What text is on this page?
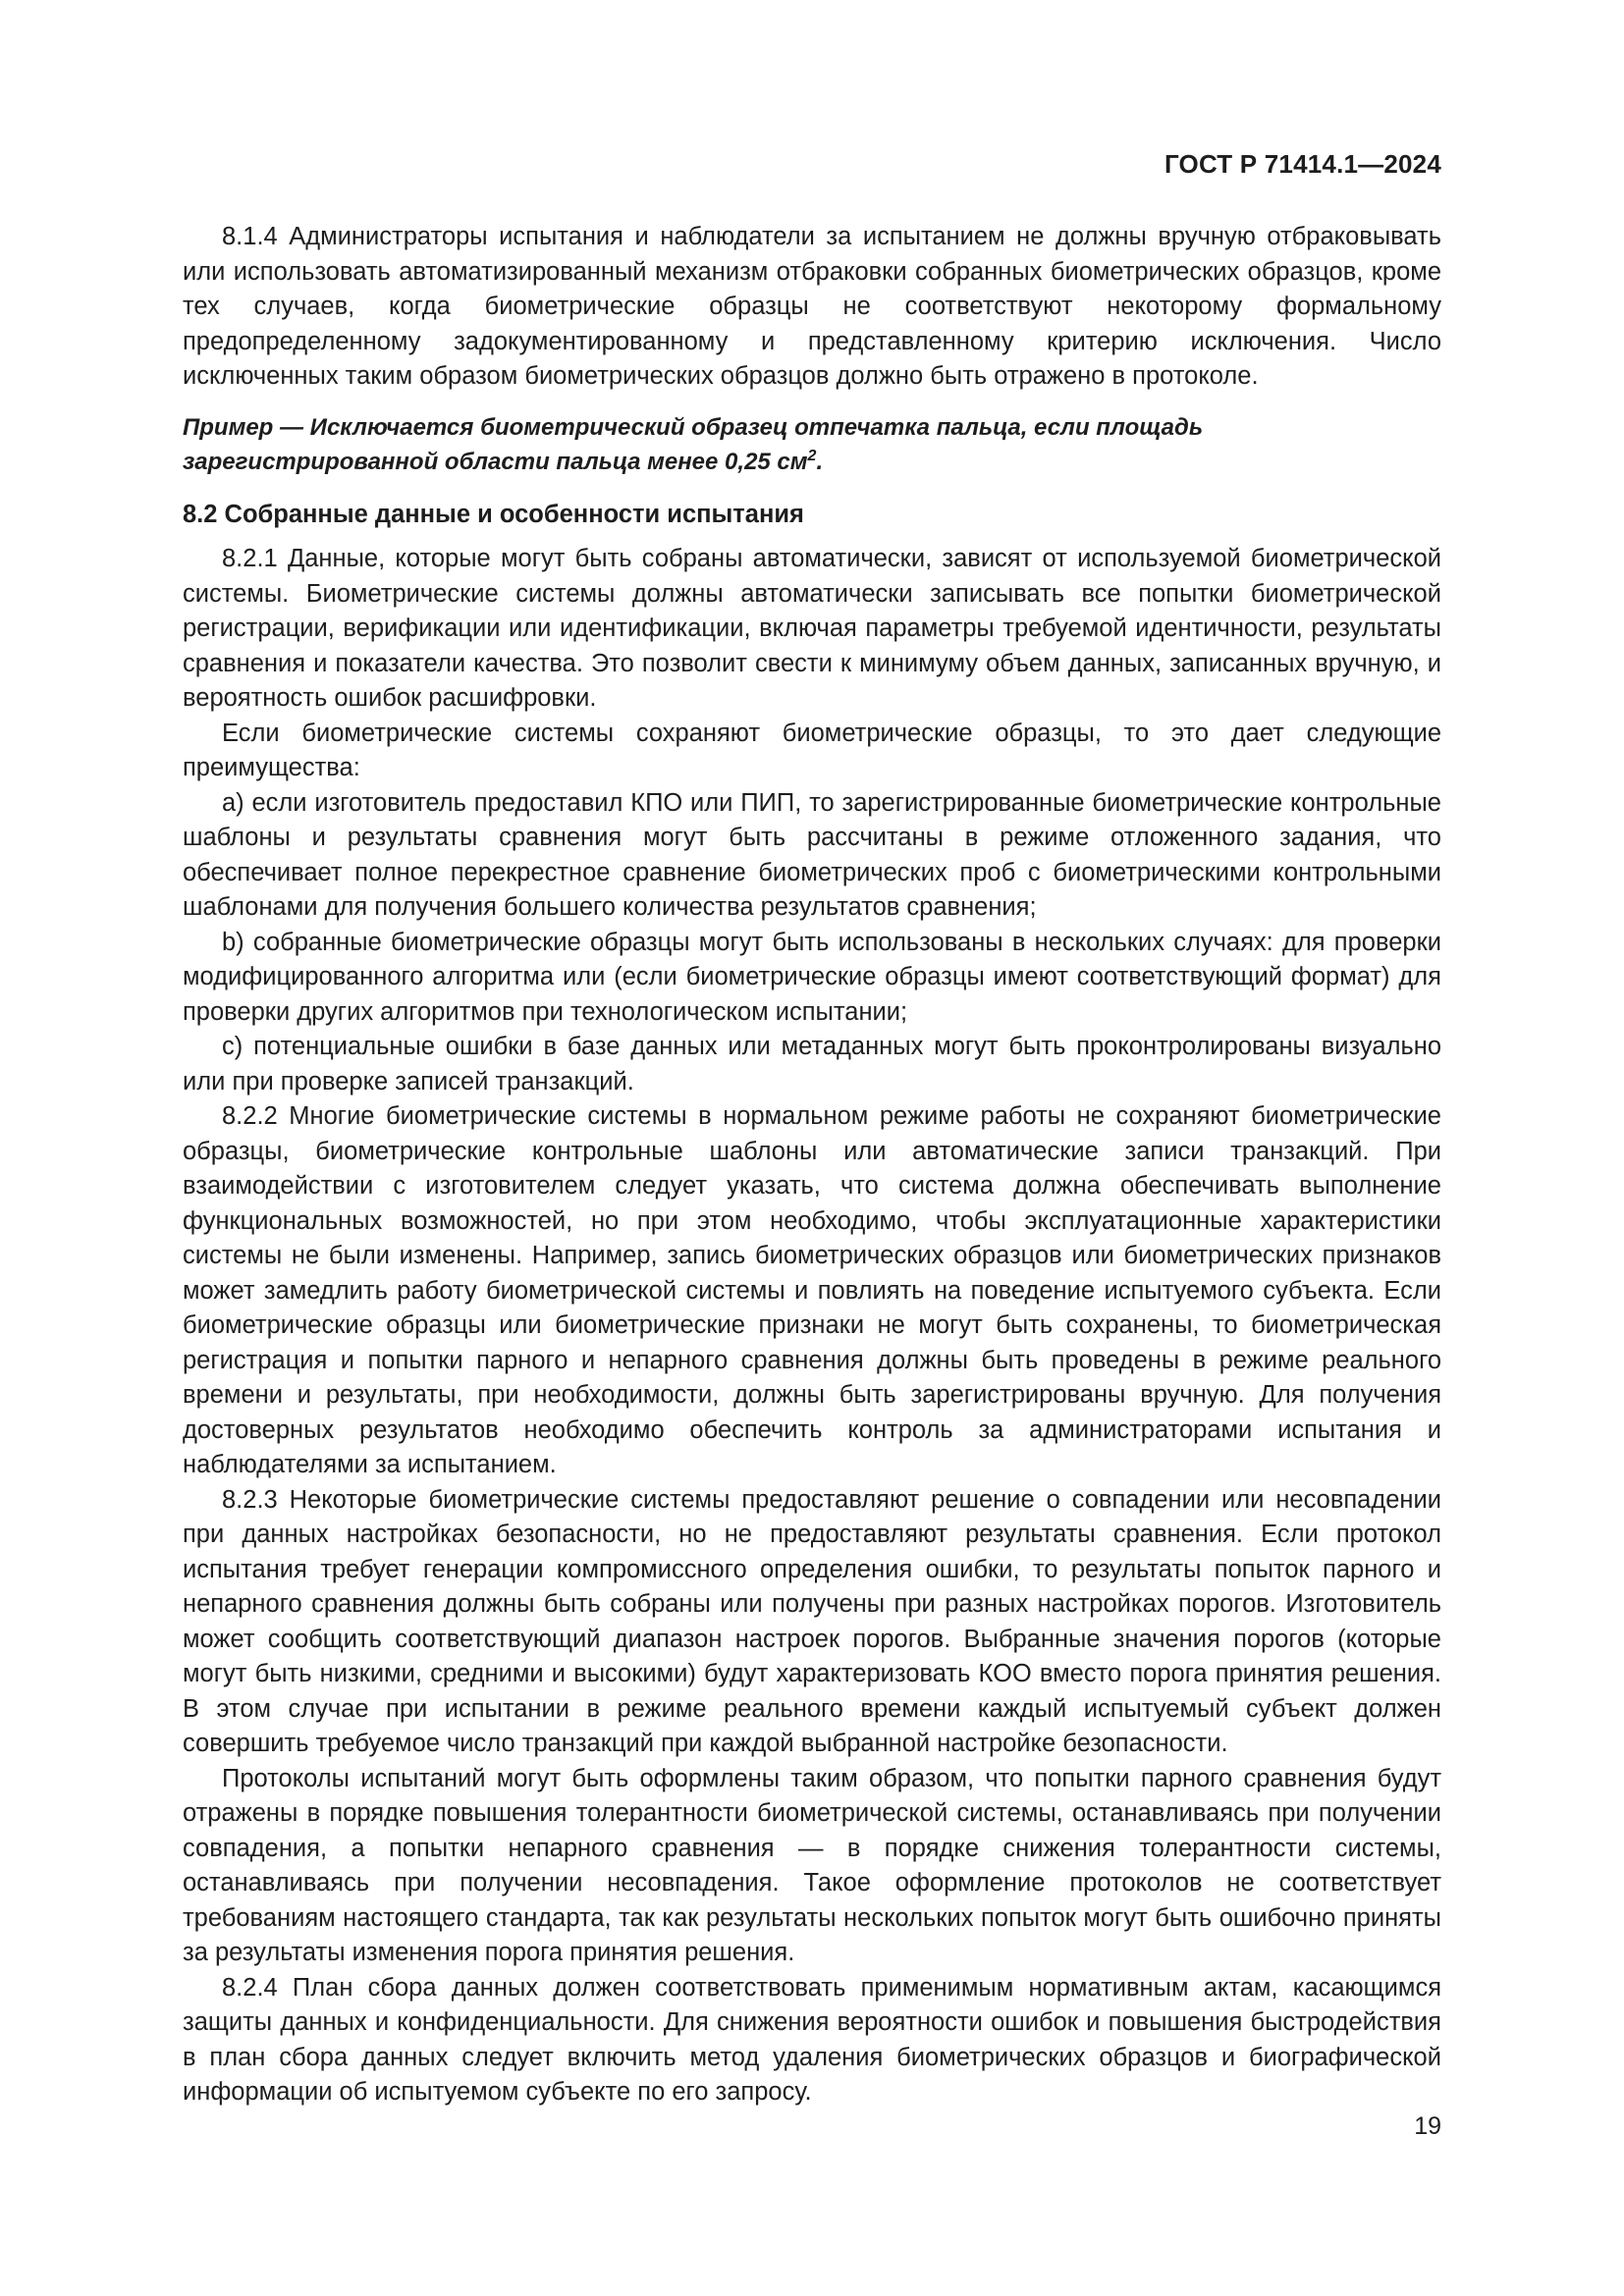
ГОСТ Р 71414.1—2024

8.1.4 Администраторы испытания и наблюдатели за испытанием не должны вручную отбраковывать или использовать автоматизированный механизм отбраковки собранных биометрических образцов, кроме тех случаев, когда биометрические образцы не соответствуют некоторому формальному предопределенному задокументированному и представленному критерию исключения. Число исключенных таким образом биометрических образцов должно быть отражено в протоколе.

Пример — Исключается биометрический образец отпечатка пальца, если площадь зарегистрированной области пальца менее 0,25 $см^2$.

8.2 Собранные данные и особенности испытания

8.2.1 Данные, которые могут быть собраны автоматически, зависят от используемой биометрической системы. Биометрические системы должны автоматически записывать все попытки биометрической регистрации, верификации или идентификации, включая параметры требуемой идентичности, результаты сравнения и показатели качества. Это позволит свести к минимуму объем данных, записанных вручную, и вероятность ошибок расшифровки.

Если биометрические системы сохраняют биометрические образцы, то это дает следующие преимущества:

a) если изготовитель предоставил КПО или ПИП, то зарегистрированные биометрические контрольные шаблоны и результаты сравнения могут быть рассчитаны в режиме отложенного задания, что обеспечивает полное перекрестное сравнение биометрических проб с биометрическими контрольными шаблонами для получения большего количества результатов сравнения;

b) собранные биометрические образцы могут быть использованы в нескольких случаях: для проверки модифицированного алгоритма или (если биометрические образцы имеют соответствующий формат) для проверки других алгоритмов при технологическом испытании;

c) потенциальные ошибки в базе данных или метаданных могут быть проконтролированы визуально или при проверке записей транзакций.

8.2.2 Многие биометрические системы в нормальном режиме работы не сохраняют биометрические образцы, биометрические контрольные шаблоны или автоматические записи транзакций. При взаимодействии с изготовителем следует указать, что система должна обеспечивать выполнение функциональных возможностей, но при этом необходимо, чтобы эксплуатационные характеристики системы не были изменены. Например, запись биометрических образцов или биометрических признаков может замедлить работу биометрической системы и повлиять на поведение испытуемого субъекта. Если биометрические образцы или биометрические признаки не могут быть сохранены, то биометрическая регистрация и попытки парного и непарного сравнения должны быть проведены в режиме реального времени и результаты, при необходимости, должны быть зарегистрированы вручную. Для получения достоверных результатов необходимо обеспечить контроль за администраторами испытания и наблюдателями за испытанием.

8.2.3 Некоторые биометрические системы предоставляют решение о совпадении или несовпадении при данных настройках безопасности, но не предоставляют результаты сравнения. Если протокол испытания требует генерации компромиссного определения ошибки, то результаты попыток парного и непарного сравнения должны быть собраны или получены при разных настройках порогов. Изготовитель может сообщить соответствующий диапазон настроек порогов. Выбранные значения порогов (которые могут быть низкими, средними и высокими) будут характеризовать КОО вместо порога принятия решения. В этом случае при испытании в режиме реального времени каждый испытуемый субъект должен совершить требуемое число транзакций при каждой выбранной настройке безопасности.

Протоколы испытаний могут быть оформлены таким образом, что попытки парного сравнения будут отражены в порядке повышения толерантности биометрической системы, останавливаясь при получении совпадения, а попытки непарного сравнения — в порядке снижения толерантности системы, останавливаясь при получении несовпадения. Такое оформление протоколов не соответствует требованиям настоящего стандарта, так как результаты нескольких попыток могут быть ошибочно приняты за результаты изменения порога принятия решения.

8.2.4 План сбора данных должен соответствовать применимым нормативным актам, касающимся защиты данных и конфиденциальности. Для снижения вероятности ошибок и повышения быстродействия в план сбора данных следует включить метод удаления биометрических образцов и биографической информации об испытуемом субъекте по его запросу.

19
